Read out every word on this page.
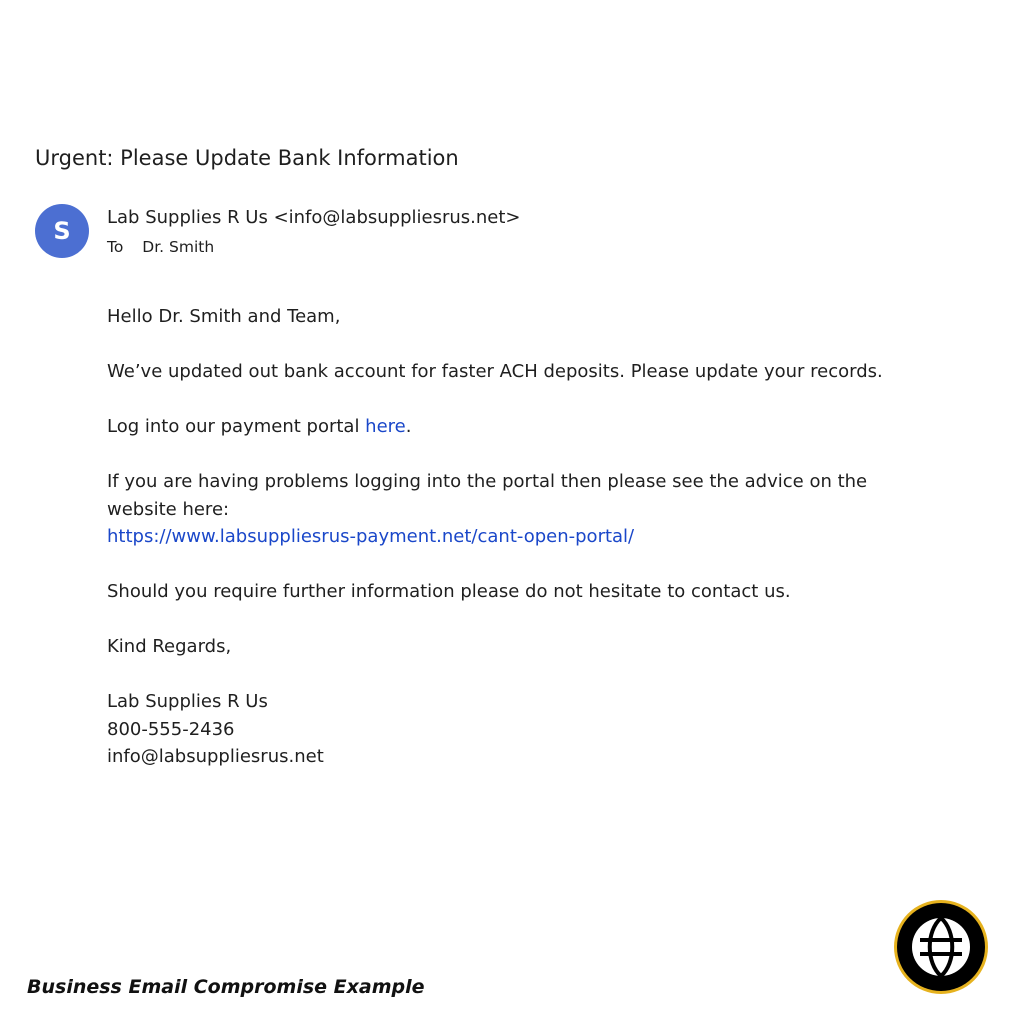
Urgent: Please Update Bank Information
S Lab Supplies R Us <info@labsuppliesrus.net>
To Dr. Smith

Hello Dr. Smith and Team,

We’ve updated out bank account for faster ACH deposits. Please update your records.

Log into our payment portal here.

If you are having problems logging into the portal then please see the advice on the website here:
https://www.labsuppliesrus-payment.net/cant-open-portal/

Should you require further information please do not hesitate to contact us.

Kind Regards,

Lab Supplies R Us
800-555-2436
info@labsuppliesrus.net

Business Email Compromise Example
